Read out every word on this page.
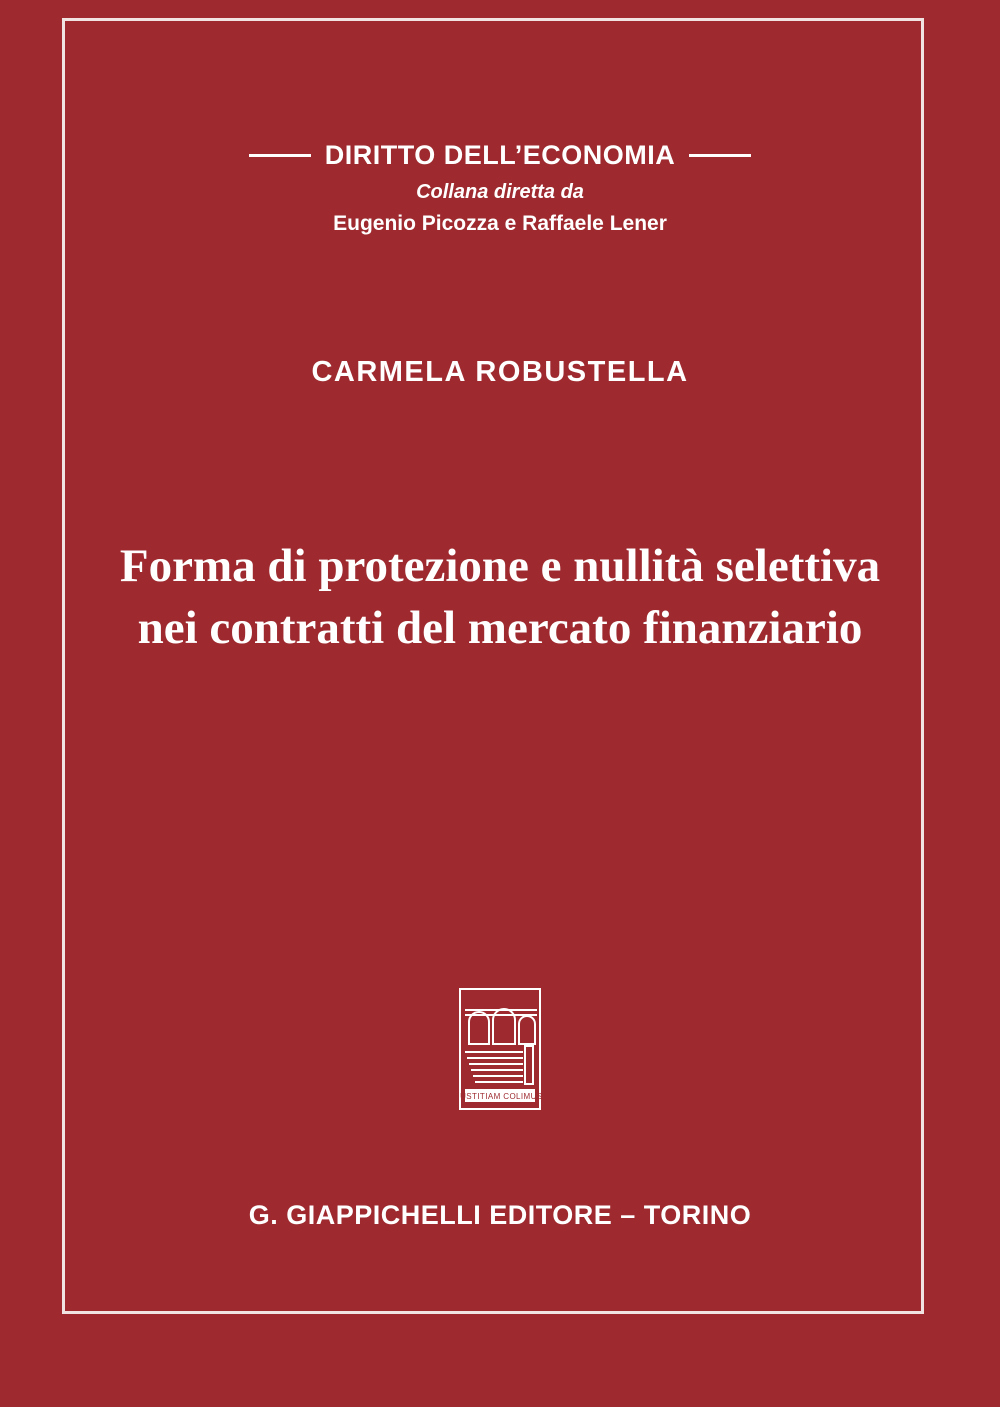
DIRITTO DELL’ECONOMIA
Collana diretta da
Eugenio Picozza e Raffaele Lener
CARMELA ROBUSTELLA
Forma di protezione e nullità selettiva
nei contratti del mercato finanziario
IUSTITIAM COLIMUS
G. GIAPPICHELLI EDITORE – TORINO
